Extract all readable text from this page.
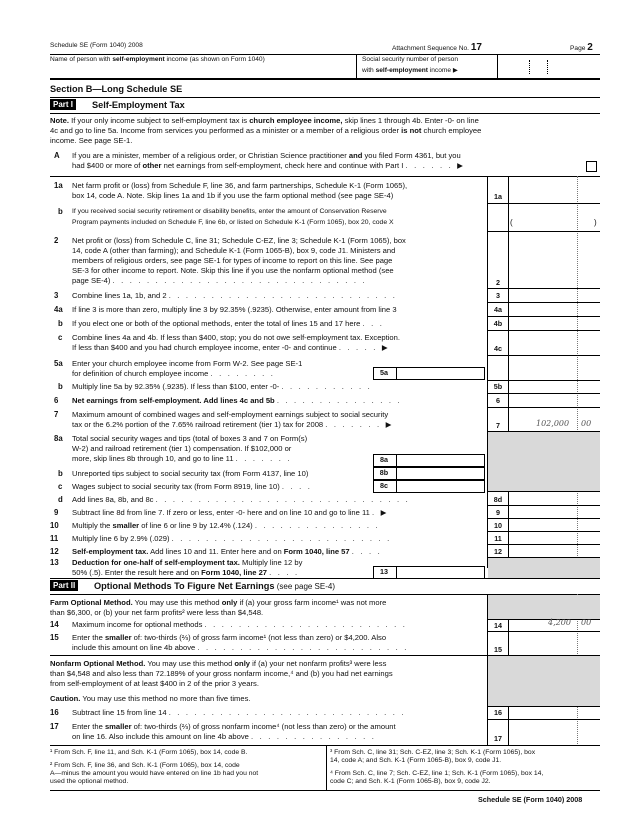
Schedule SE (Form 1040) 2008	Attachment Sequence No. 17	Page 2
Name of person with self-employment income (as shown on Form 1040)	Social security number of person
with self-employment income ▶
Section B—Long Schedule SE
Part I	Self-Employment Tax
Note. If your only income subject to self-employment tax is church employee income, skip lines 1 through 4b. Enter -0- on line
4c and go to line 5a. Income from services you performed as a minister or a member of a religious order is not church employee
income. See page SE-1.
A If you are a minister, member of a religious order, or Christian Science practitioner and you filed Form 4361, but you
had $400 or more of other net earnings from self-employment, check here and continue with Part I . . . . . . ▶
1a Net farm profit or (loss) from Schedule F, line 36, and farm partnerships, Schedule K-1 (Form 1065),
box 14, code A. Note. Skip lines 1a and 1b if you use the farm optional method (see page SE-4)	1a
b If you received social security retirement or disability benefits, enter the amount of Conservation Reserve
Program payments included on Schedule F, line 6b, or listed on Schedule K-1 (Form 1065), box 20, code X	(	)
2 Net profit or (loss) from Schedule C, line 31; Schedule C-EZ, line 3; Schedule K-1 (Form 1065), box
14, code A (other than farming); and Schedule K-1 (Form 1065-B), box 9, code J1. Ministers and
members of religious orders, see page SE-1 for types of income to report on this line. See page
SE-3 for other income to report. Note. Skip this line if you use the nonfarm optional method (see
page SE-4) . . . . . . . . . . . . . . . . . . . . . . . . . . . . . .	2
3 Combine lines 1a, 1b, and 2 . . . . . . . . . . . . . . . . . . . . . . . . . . .	3
4a If line 3 is more than zero, multiply line 3 by 92.35% (.9235). Otherwise, enter amount from line 3	4a
b If you elect one or both of the optional methods, enter the total of lines 15 and 17 here . . .	4b
c Combine lines 4a and 4b. If less than $400, stop; you do not owe self-employment tax. Exception.
If less than $400 and you had church employee income, enter -0- and continue . . . . . ▶	4c
5a Enter your church employee income from Form W-2. See page SE-1
for definition of church employee income . . . . . . . .	5a
b Multiply line 5a by 92.35% (.9235). If less than $100, enter -0- . . . . . . . . . . .	5b
6 Net earnings from self-employment. Add lines 4c and 5b . . . . . . . . . . . . . . .	6
7 Maximum amount of combined wages and self-employment earnings subject to social security
tax or the 6.2% portion of the 7.65% railroad retirement (tier 1) tax for 2008 . . . . . . . ▶	7	102,000 00
8a Total social security wages and tips (total of boxes 3 and 7 on Form(s)
W-2) and railroad retirement (tier 1) compensation. If $102,000 or
more, skip lines 8b through 10, and go to line 11 . . . . . . .	8a
b Unreported tips subject to social security tax (from Form 4137, line 10)	8b
c Wages subject to social security tax (from Form 8919, line 10) . . . .	8c
d Add lines 8a, 8b, and 8c . . . . . . . . . . . . . . . . . . . . . . . . . . . . . .	8d
9 Subtract line 8d from line 7. If zero or less, enter -0- here and on line 10 and go to line 11 . ▶	9
10 Multiply the smaller of line 6 or line 9 by 12.4% (.124) . . . . . . . . . . . . . . .	10
11 Multiply line 6 by 2.9% (.029) . . . . . . . . . . . . . . . . . . . . . . . . . .	11
12 Self-employment tax. Add lines 10 and 11. Enter here and on Form 1040, line 57 . . . .	12
13 Deduction for one-half of self-employment tax. Multiply line 12 by
50% (.5). Enter the result here and on Form 1040, line 27 . . . .	13
Part II	Optional Methods To Figure Net Earnings (see page SE-4)
Farm Optional Method. You may use this method only if (a) your gross farm income¹ was not more
than $6,300, or (b) your net farm profits² were less than $4,548.
14 Maximum income for optional methods . . . . . . . . . . . . . . . . . . . . . . . .	14	4,200 00
15 Enter the smaller of: two-thirds (⅔) of gross farm income¹ (not less than zero) or $4,200. Also
include this amount on line 4b above . . . . . . . . . . . . . . . . . . . . . . . . .	15
Nonfarm Optional Method. You may use this method only if (a) your net nonfarm profits³ were less
than $4,548 and also less than 72.189% of your gross nonfarm income,⁴ and (b) you had net earnings
from self-employment of at least $400 in 2 of the prior 3 years.
Caution. You may use this method no more than five times.
16 Subtract line 15 from line 14 . . . . . . . . . . . . . . . . . . . . . . . . . . . .	16
17 Enter the smaller of: two-thirds (⅔) of gross nonfarm income⁴ (not less than zero) or the amount
on line 16. Also include this amount on line 4b above . . . . . . . . . . . . . . .	17
¹ From Sch. F, line 11, and Sch. K-1 (Form 1065), box 14, code B.
² From Sch. F, line 36, and Sch. K-1 (Form 1065), box 14, code
A—minus the amount you would have entered on line 1b had you not
used the optional method.
³ From Sch. C, line 31; Sch. C-EZ, line 3; Sch. K-1 (Form 1065), box
14, code A; and Sch. K-1 (Form 1065-B), box 9, code J1.
⁴ From Sch. C, line 7; Sch. C-EZ, line 1; Sch. K-1 (Form 1065), box 14,
code C; and Sch. K-1 (Form 1065-B), box 9, code J2.
Schedule SE (Form 1040) 2008
